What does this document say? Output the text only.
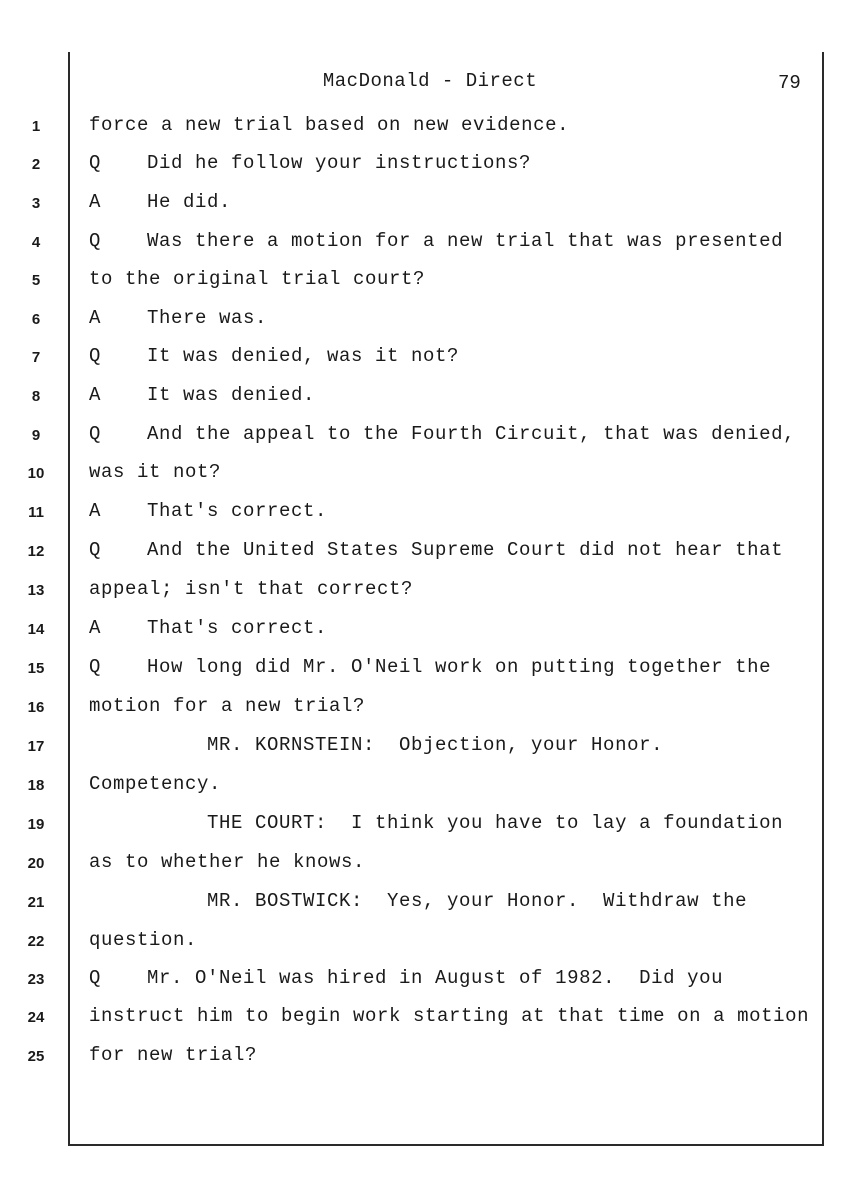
MacDonald - Direct	79
1	force a new trial based on new evidence.
2	Q Did he follow your instructions?
3	A He did.
4	Q Was there a motion for a new trial that was presented
5	to the original trial court?
6	A There was.
7	Q It was denied, was it not?
8	A It was denied.
9	Q And the appeal to the Fourth Circuit, that was denied,
10	was it not?
11	A That's correct.
12	Q And the United States Supreme Court did not hear that
13	appeal; isn't that correct?
14	A That's correct.
15	Q How long did Mr. O'Neil work on putting together the
16	motion for a new trial?
17	MR. KORNSTEIN:  Objection, your Honor.
18	Competency.
19	THE COURT:  I think you have to lay a foundation
20	as to whether he knows.
21	MR. BOSTWICK:  Yes, your Honor.  Withdraw the
22	question.
23	Q Mr. O'Neil was hired in August of 1982.  Did you
24	instruct him to begin work starting at that time on a motion
25	for new trial?
